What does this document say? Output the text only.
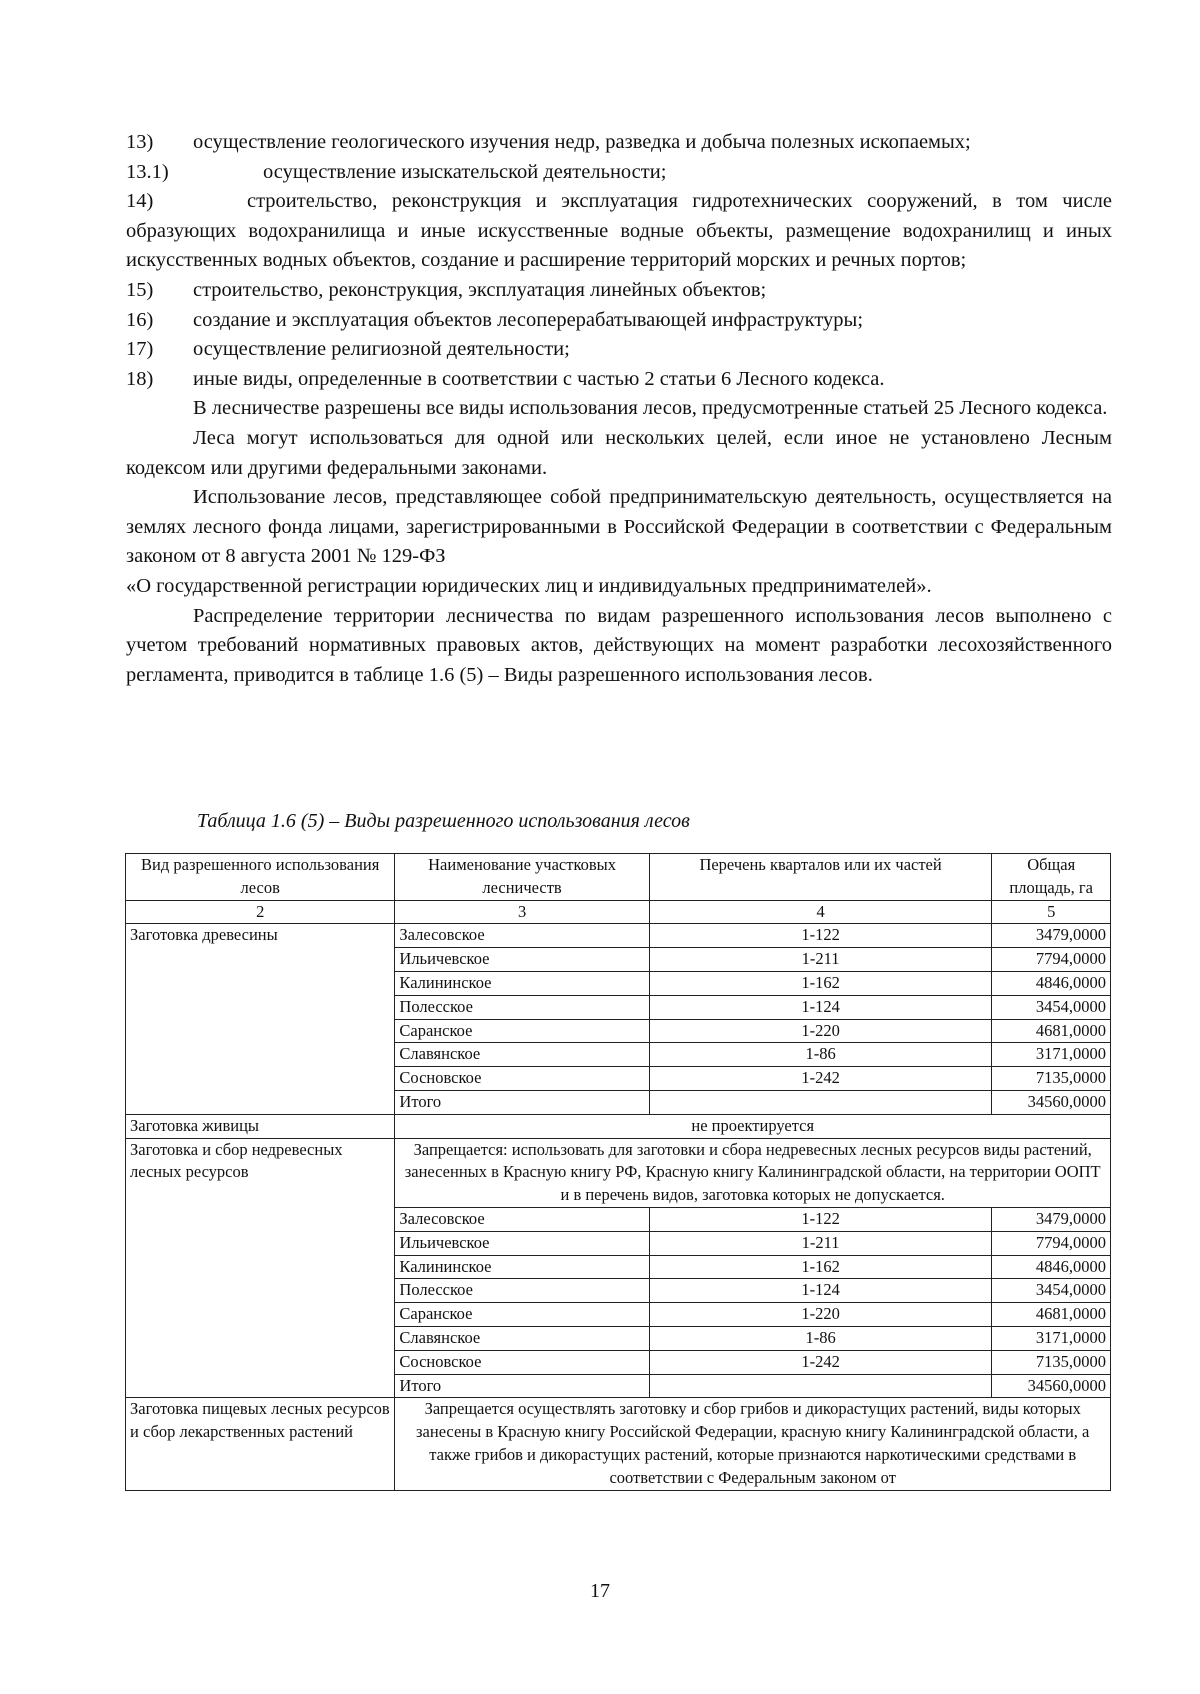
13)	осуществление геологического изучения недр, разведка и добыча полезных ископаемых;
13.1)	осуществление изыскательской деятельности;
14)	строительство, реконструкция и эксплуатация гидротехнических сооружений, в том числе образующих водохранилища и иные искусственные водные объекты, размещение водохранилищ и иных искусственных водных объектов, создание и расширение территорий морских и речных портов;
15)	строительство, реконструкция, эксплуатация линейных объектов;
16)	создание и эксплуатация объектов лесоперерабатывающей инфраструктуры;
17)	осуществление религиозной деятельности;
18)	иные виды, определенные в соответствии с частью 2 статьи 6 Лесного кодекса.
В лесничестве разрешены все виды использования лесов, предусмотренные статьей 25 Лесного кодекса.
Леса могут использоваться для одной или нескольких целей, если иное не установлено Лесным кодексом или другими федеральными законами.
Использование лесов, представляющее собой предпринимательскую деятельность, осуществляется на землях лесного фонда лицами, зарегистрированными в Российской Федерации в соответствии с Федеральным законом от 8 августа 2001 № 129-ФЗ
«О государственной регистрации юридических лиц и индивидуальных предпринимателей».
Распределение территории лесничества по видам разрешенного использования лесов выполнено с учетом требований нормативных правовых актов, действующих на момент разработки лесохозяйственного регламента, приводится в таблице 1.6 (5) – Виды разрешенного использования лесов.
Таблица 1.6 (5) – Виды разрешенного использования лесов
Вид разрешенного использования лесов	Наименование участковых лесничеств	Перечень кварталов или их частей	Общая площадь, га
2	3	4	5
Заготовка древесины	Залесовское	1-122	3479,0000
	Ильичевское	1-211	7794,0000
	Калининское	1-162	4846,0000
	Полесское	1-124	3454,0000
	Саранское	1-220	4681,0000
	Славянское	1-86	3171,0000
	Сосновское	1-242	7135,0000
	Итого		34560,0000
Заготовка живицы	не проектируется		
Заготовка и сбор недревесных лесных ресурсов	Запрещается: использовать для заготовки и сбора недревесных лесных ресурсов виды растений, занесенных в Красную книгу РФ, Красную книгу Калининградской области, на территории ООПТ и в перечень видов, заготовка которых не допускается.		
	Залесовское	1-122	3479,0000
	Ильичевское	1-211	7794,0000
	Калининское	1-162	4846,0000
	Полесское	1-124	3454,0000
	Саранское	1-220	4681,0000
	Славянское	1-86	3171,0000
	Сосновское	1-242	7135,0000
	Итого		34560,0000
Заготовка пищевых лесных ресурсов и сбор лекарственных растений	Запрещается осуществлять заготовку и сбор грибов и дикорастущих растений, виды которых занесены в Красную книгу Российской Федерации, красную книгу Калининградской области, а также грибов и дикорастущих растений, которые признаются наркотическими средствами в соответствии с Федеральным законом от		
17
